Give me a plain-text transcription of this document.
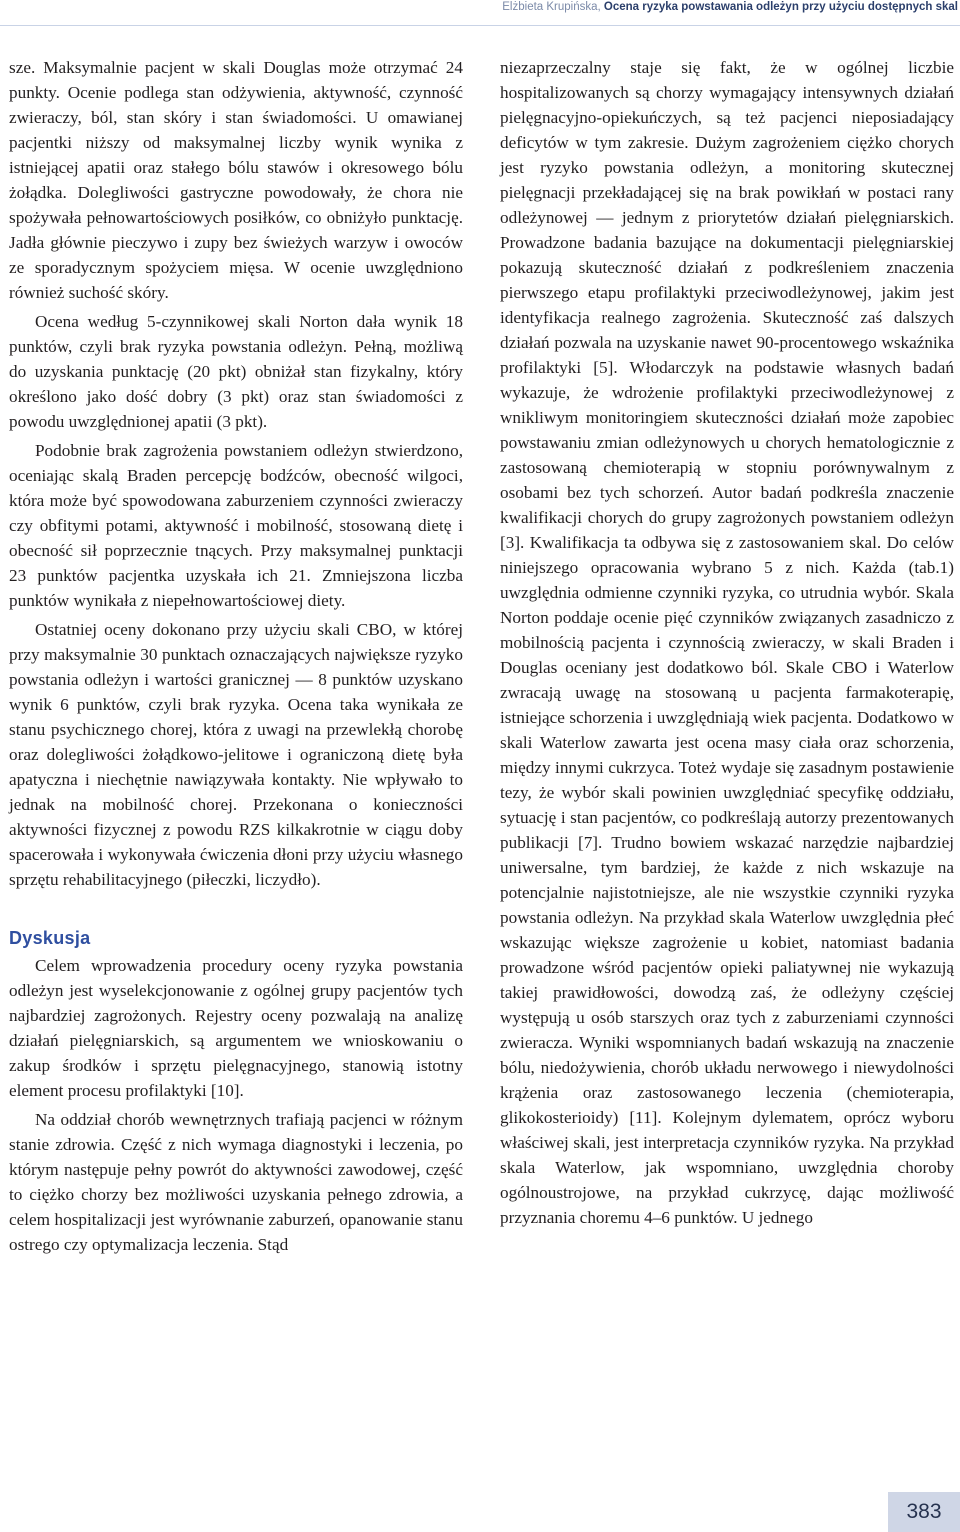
Elżbieta Krupińska, Ocena ryzyka powstawania odleżyn przy użyciu dostępnych skal

sze. Maksymalnie pacjent w skali Douglas może otrzymać 24 punkty. Ocenie podlega stan odżywienia, aktywność, czynność zwieraczy, ból, stan skóry i stan świadomości. U omawianej pacjentki niższy od maksymalnej liczby wynik wynika z istniejącej apatii oraz stałego bólu stawów i okresowego bólu żołądka. Dolegliwości gastryczne powodowały, że chora nie spożywała pełnowartościowych posiłków, co obniżyło punktację. Jadła głównie pieczywo i zupy bez świeżych warzyw i owoców ze sporadycznym spożyciem mięsa. W ocenie uwzględniono również suchość skóry.

Ocena według 5-czynnikowej skali Norton dała wynik 18 punktów, czyli brak ryzyka powstania odleżyn. Pełną, możliwą do uzyskania punktację (20 pkt) obniżał stan fizykalny, który określono jako dość dobry (3 pkt) oraz stan świadomości z powodu uwzględnionej apatii (3 pkt).

Podobnie brak zagrożenia powstaniem odleżyn stwierdzono, oceniając skalą Braden percepcję bodźców, obecność wilgoci, która może być spowodowana zaburzeniem czynności zwieraczy czy obfitymi potami, aktywność i mobilność, stosowaną dietę i obecność sił poprzecznie tnących. Przy maksymalnej punktacji 23 punktów pacjentka uzyskała ich 21. Zmniejszona liczba punktów wynikała z niepełnowartościowej diety.

Ostatniej oceny dokonano przy użyciu skali CBO, w której przy maksymalnie 30 punktach oznaczających największe ryzyko powstania odleżyn i wartości granicznej — 8 punktów uzyskano wynik 6 punktów, czyli brak ryzyka. Ocena taka wynikała ze stanu psychicznego chorej, która z uwagi na przewlekłą chorobę oraz dolegliwości żołądkowo-jelitowe i ograniczoną dietę była apatyczna i niechętnie nawiązywała kontakty. Nie wpływało to jednak na mobilność chorej. Przekonana o konieczności aktywności fizycznej z powodu RZS kilkakrotnie w ciągu doby spacerowała i wykonywała ćwiczenia dłoni przy użyciu własnego sprzętu rehabilitacyjnego (piłeczki, liczydło).

Dyskusja

Celem wprowadzenia procedury oceny ryzyka powstania odleżyn jest wyselekcjonowanie z ogólnej grupy pacjentów tych najbardziej zagrożonych. Rejestry oceny pozwalają na analizę działań pielęgniarskich, są argumentem we wnioskowaniu o zakup środków i sprzętu pielęgnacyjnego, stanowią istotny element procesu profilaktyki [10].

Na oddział chorób wewnętrznych trafiają pacjenci w różnym stanie zdrowia. Część z nich wymaga diagnostyki i leczenia, po którym następuje pełny powrót do aktywności zawodowej, część to ciężko chorzy bez możliwości uzyskania pełnego zdrowia, a celem hospitalizacji jest wyrównanie zaburzeń, opanowanie stanu ostrego czy optymalizacja leczenia. Stąd

niezaprzeczalny staje się fakt, że w ogólnej liczbie hospitalizowanych są chorzy wymagający intensywnych działań pielęgnacyjno-opiekuńczych, są też pacjenci nieposiadający deficytów w tym zakresie. Dużym zagrożeniem ciężko chorych jest ryzyko powstania odleżyn, a monitoring skutecznej pielęgnacji przekładającej się na brak powikłań w postaci rany odleżynowej — jednym z priorytetów działań pielęgniarskich. Prowadzone badania bazujące na dokumentacji pielęgniarskiej pokazują skuteczność działań z podkreśleniem znaczenia pierwszego etapu profilaktyki przeciwodleżynowej, jakim jest identyfikacja realnego zagrożenia. Skuteczność zaś dalszych działań pozwala na uzyskanie nawet 90-procentowego wskaźnika profilaktyki [5]. Włodarczyk na podstawie własnych badań wykazuje, że wdrożenie profilaktyki przeciwodleżynowej z wnikliwym monitoringiem skuteczności działań może zapobiec powstawaniu zmian odleżynowych u chorych hematologicznie z zastosowaną chemioterapią w stopniu porównywalnym z osobami bez tych schorzeń. Autor badań podkreśla znaczenie kwalifikacji chorych do grupy zagrożonych powstaniem odleżyn [3]. Kwalifikacja ta odbywa się z zastosowaniem skal. Do celów niniejszego opracowania wybrano 5 z nich. Każda (tab.1) uwzględnia odmienne czynniki ryzyka, co utrudnia wybór. Skala Norton poddaje ocenie pięć czynników związanych zasadniczo z mobilnością pacjenta i czynnością zwieraczy, w skali Braden i Douglas oceniany jest dodatkowo ból. Skale CBO i Waterlow zwracają uwagę na stosowaną u pacjenta farmakoterapię, istniejące schorzenia i uwzględniają wiek pacjenta. Dodatkowo w skali Waterlow zawarta jest ocena masy ciała oraz schorzenia, między innymi cukrzyca. Toteż wydaje się zasadnym postawienie tezy, że wybór skali powinien uwzględniać specyfikę oddziału, sytuację i stan pacjentów, co podkreślają autorzy prezentowanych publikacji [7]. Trudno bowiem wskazać narzędzie najbardziej uniwersalne, tym bardziej, że każde z nich wskazuje na potencjalnie najistotniejsze, ale nie wszystkie czynniki ryzyka powstania odleżyn. Na przykład skala Waterlow uwzględnia płeć wskazując większe zagrożenie u kobiet, natomiast badania prowadzone wśród pacjentów opieki paliatywnej nie wykazują takiej prawidłowości, dowodzą zaś, że odleżyny częściej występują u osób starszych oraz tych z zaburzeniami czynności zwieracza. Wyniki wspomnianych badań wskazują na znaczenie bólu, niedożywienia, chorób układu nerwowego i niewydolności krążenia oraz zastosowanego leczenia (chemioterapia, glikokosterioidy) [11]. Kolejnym dylematem, oprócz wyboru właściwej skali, jest interpretacja czynników ryzyka. Na przykład skala Waterlow, jak wspomniano, uwzględnia choroby ogólnoustrojowe, na przykład cukrzycę, dając możliwość przyznania choremu 4–6 punktów. U jednego

383
